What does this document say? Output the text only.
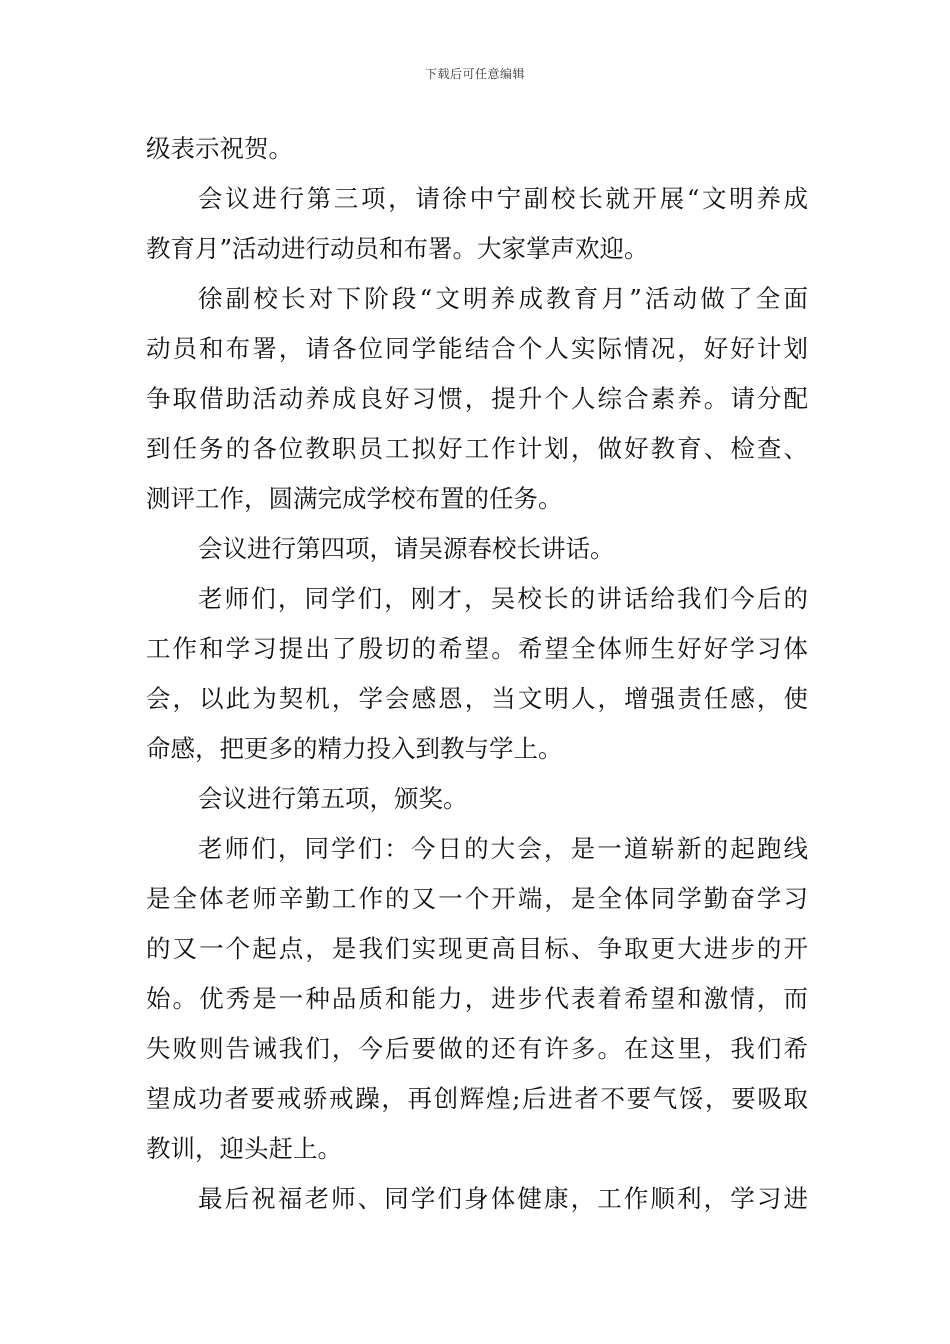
下载后可任意编辑
级表示祝贺。
会议进行第三项，请徐中宁副校长就开展“文明养成
教育月”活动进行动员和布署。大家掌声欢迎。
徐副校长对下阶段“文明养成教育月”活动做了全面
动员和布署，请各位同学能结合个人实际情况，好好计划
争取借助活动养成良好习惯，提升个人综合素养。请分配
到任务的各位教职员工拟好工作计划，做好教育、检查、
测评工作，圆满完成学校布置的任务。
会议进行第四项，请吴源春校长讲话。
老师们，同学们，刚才，吴校长的讲话给我们今后的
工作和学习提出了殷切的希望。希望全体师生好好学习体
会，以此为契机，学会感恩，当文明人，增强责任感，使
命感，把更多的精力投入到教与学上。
会议进行第五项，颁奖。
老师们，同学们：今日的大会，是一道崭新的起跑线
是全体老师辛勤工作的又一个开端，是全体同学勤奋学习
的又一个起点，是我们实现更高目标、争取更大进步的开
始。优秀是一种品质和能力，进步代表着希望和激情，而
失败则告诫我们，今后要做的还有许多。在这里，我们希
望成功者要戒骄戒躁，再创辉煌;后进者不要气馁，要吸取
教训，迎头赶上。
最后祝福老师、同学们身体健康，工作顺利，学习进
